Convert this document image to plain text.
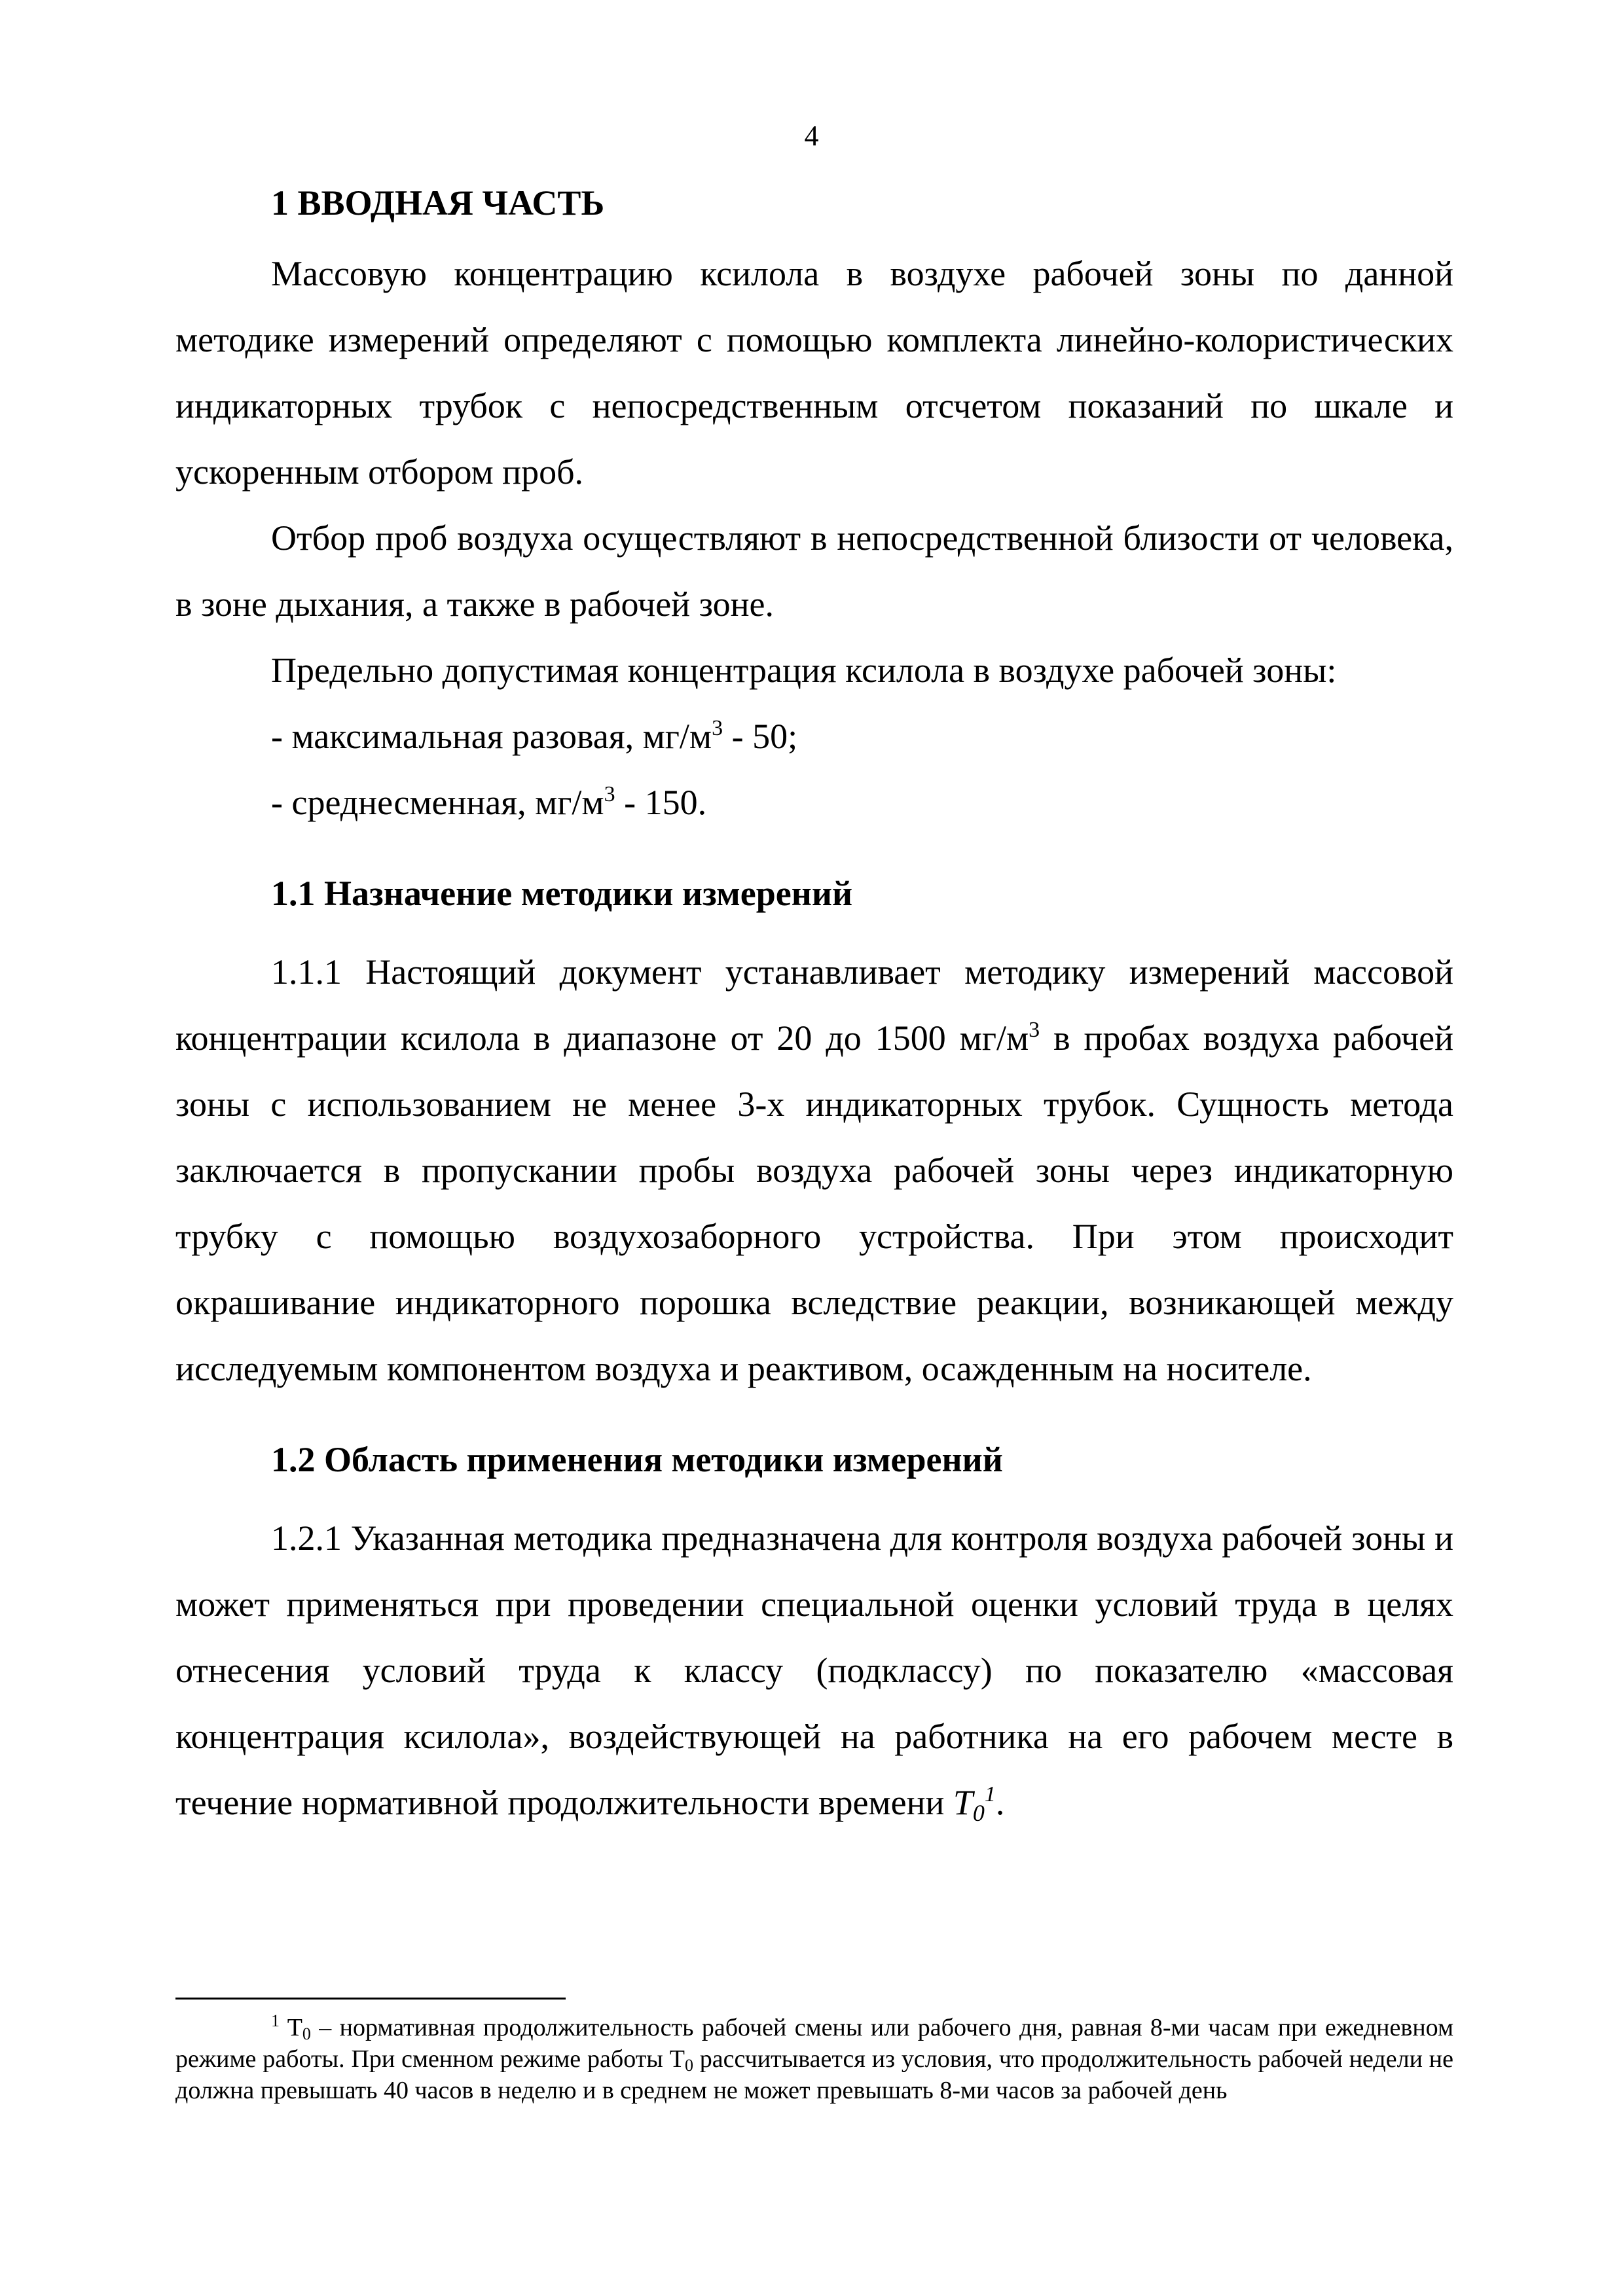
4

1 ВВОДНАЯ ЧАСТЬ

Массовую концентрацию ксилола в воздухе рабочей зоны по данной методике измерений определяют с помощью комплекта линейно-колористических индикаторных трубок с непосредственным отсчетом показаний по шкале и ускоренным отбором проб.

Отбор проб воздуха осуществляют в непосредственной близости от человека, в зоне дыхания, а также в рабочей зоне.

Предельно допустимая концентрация ксилола в воздухе рабочей зоны:

- максимальная разовая, $мг/м^3 - 50$;

- среднесменная, $мг/м^3 - 150$.

1.1 Назначение методики измерений

1.1.1 Настоящий документ устанавливает методику измерений массовой концентрации ксилола в диапазоне от 20 до 1500 $мг/м^3$ в пробах воздуха рабочей зоны с использованием не менее 3-х индикаторных трубок. Сущность метода заключается в пропускании пробы воздуха рабочей зоны через индикаторную трубку с помощью воздухозаборного устройства. При этом происходит окрашивание индикаторного порошка вследствие реакции, возникающей между исследуемым компонентом воздуха и реактивом, осажденным на носителе.

1.2 Область применения методики измерений

1.2.1 Указанная методика предназначена для контроля воздуха рабочей зоны и может применяться при проведении специальной оценки условий труда в целях отнесения условий труда к классу (подклассу) по показателю «массовая концентрация ксилола», воздействующей на работника на его рабочем месте в течение нормативной продолжительности времени $T0^1$.

$^1$ T0 – нормативная продолжительность рабочей смены или рабочего дня, равная 8-ми часам при ежедневном режиме работы. При сменном режиме работы T0 рассчитывается из условия, что продолжительность рабочей недели не должна превышать 40 часов в неделю и в среднем не может превышать 8-ми часов за рабочей день
